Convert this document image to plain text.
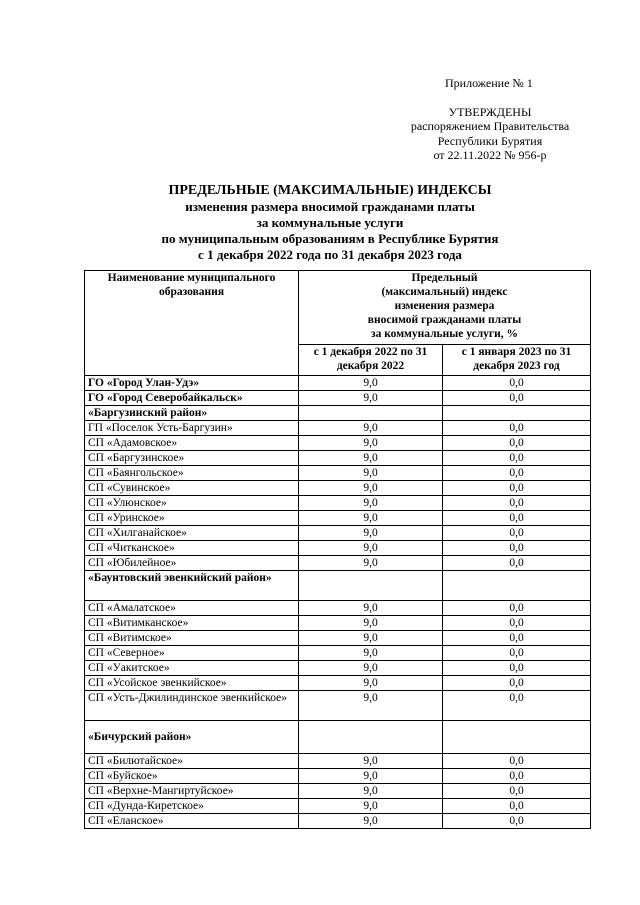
Приложение № 1
УТВЕРЖДЕНЫ
распоряжением Правительства
Республики Бурятия
от 22.11.2022 № 956-р
ПРЕДЕЛЬНЫЕ (МАКСИМАЛЬНЫЕ) ИНДЕКСЫ
изменения размера вносимой гражданами платы
за коммунальные услуги
по муниципальным образованиям в Республике Бурятия
с 1 декабря 2022 года по 31 декабря 2023 года
Наименование муниципального образования	Предельный
(максимальный) индекс
изменения размера
вносимой гражданами платы
за коммунальные услуги, %	

	с 1 декабря 2022 по 31 декабря 2022	с 1 января 2023 по 31 декабря 2023 год
ГО «Город Улан-Удэ»	9,0	0,0
ГО «Город Северобайкальск»	9,0	0,0
«Баргузинский район»		
ГП «Поселок Усть-Баргузин»	9,0	0,0
СП «Адамовское»	9,0	0,0
СП «Баргузинское»	9,0	0,0
СП «Баянгольское»	9,0	0,0
СП «Сувинское»	9,0	0,0
СП «Улюнское»	9,0	0,0
СП «Уринское»	9,0	0,0
СП «Хилганайское»	9,0	0,0
СП «Читканское»	9,0	0,0
СП «Юбилейное»	9,0	0,0
«Баунтовский эвенкийский район»		
СП «Амалатское»	9,0	0,0
СП «Витимканское»	9,0	0,0
СП «Витимское»	9,0	0,0
СП «Северное»	9,0	0,0
СП «Уакитское»	9,0	0,0
СП «Усойское эвенкийское»	9,0	0,0
СП «Усть-Джилиндинское эвенкийское»	9,0	0,0
«Бичурский район»		
СП «Билютайское»	9,0	0,0
СП «Буйское»	9,0	0,0
СП «Верхне-Мангиртуйское»	9,0	0,0
СП «Дунда-Киретское»	9,0	0,0
СП «Еланское»	9,0	0,0
